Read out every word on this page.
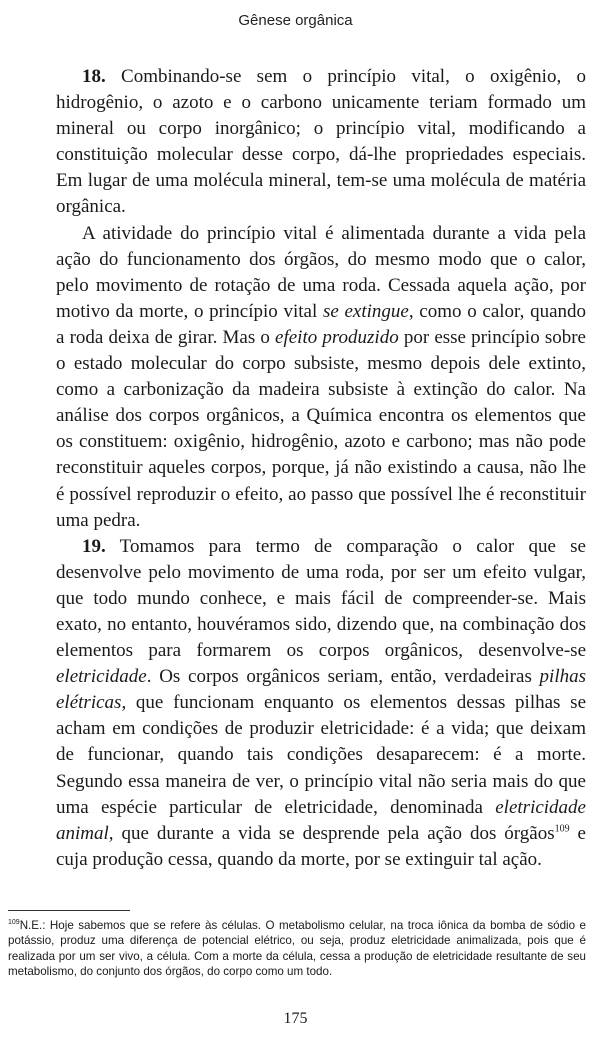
Gênese orgânica

18. Combinando-se sem o princípio vital, o oxigênio, o hidrogênio, o azoto e o carbono unicamente teriam formado um mineral ou corpo inorgânico; o princípio vital, modificando a constituição molecular desse corpo, dá-lhe propriedades especiais. Em lugar de uma molécula mineral, tem-se uma molécula de matéria orgânica.

A atividade do princípio vital é alimentada durante a vida pela ação do funcionamento dos órgãos, do mesmo modo que o calor, pelo movimento de rotação de uma roda. Cessada aquela ação, por motivo da morte, o princípio vital se extingue, como o calor, quando a roda deixa de girar. Mas o efeito produzido por esse princípio sobre o estado molecular do corpo subsiste, mesmo depois dele extinto, como a carbonização da madeira subsiste à extinção do calor. Na análise dos corpos orgânicos, a Química encontra os elementos que os constituem: oxigênio, hidrogênio, azoto e carbono; mas não pode reconstituir aqueles corpos, porque, já não existindo a causa, não lhe é possível reproduzir o efeito, ao passo que possível lhe é reconstituir uma pedra.

19. Tomamos para termo de comparação o calor que se desenvolve pelo movimento de uma roda, por ser um efeito vulgar, que todo mundo conhece, e mais fácil de compreender-se. Mais exato, no entanto, houvéramos sido, dizendo que, na combinação dos elementos para formarem os corpos orgânicos, desenvolve-se eletricidade. Os corpos orgânicos seriam, então, verdadeiras pilhas elétricas, que funcionam enquanto os elementos dessas pilhas se acham em condições de produzir eletricidade: é a vida; que deixam de funcionar, quando tais condições desaparecem: é a morte. Segundo essa maneira de ver, o princípio vital não seria mais do que uma espécie particular de eletricidade, denominada eletricidade animal, que durante a vida se desprende pela ação dos órgãos$^{109}$ e cuja produção cessa, quando da morte, por se extinguir tal ação.

$^{109}$N.E.: Hoje sabemos que se refere às células. O metabolismo celular, na troca iônica da bomba de sódio e potássio, produz uma diferença de potencial elétrico, ou seja, produz eletricidade animalizada, pois que é realizada por um ser vivo, a célula. Com a morte da célula, cessa a produção de eletricidade resultante de seu metabolismo, do conjunto dos órgãos, do corpo como um todo.
175
